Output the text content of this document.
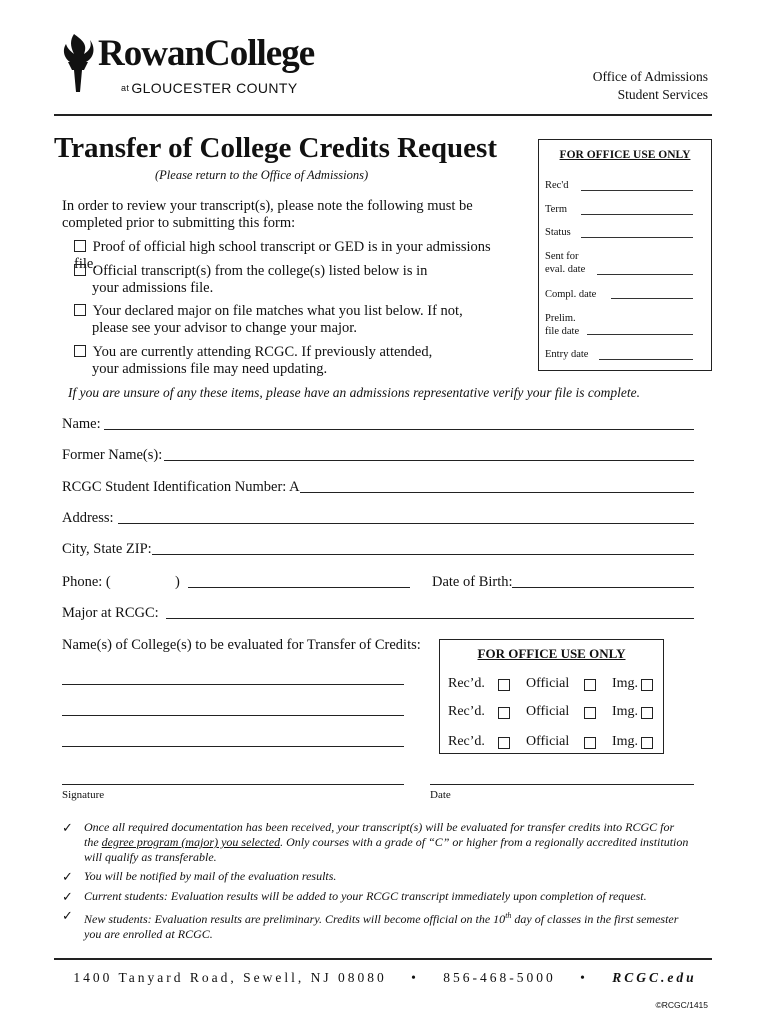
RowanCollege
at GLOUCESTER COUNTY
Office of Admissions
Student Services
Transfer of College Credits Request
(Please return to the Office of Admissions)
In order to review your transcript(s), please note the following must be completed prior to submitting this form:
Proof of official high school transcript or GED is in your admissions file.
Official transcript(s) from the college(s) listed below is in your admissions file.
Your declared major on file matches what you list below. If not, please see your advisor to change your major.
You are currently attending RCGC. If previously attended, your admissions file may need updating.
FOR OFFICE USE ONLY
Rec'd
Term
Status
Sent for
eval. date
Compl. date
Prelim.
file date
Entry date
If you are unsure of any these items, please have an admissions representative verify your file is complete.
Name:
Former Name(s):
RCGC Student Identification Number: A
Address:
City, State ZIP:
Phone: (	)	Date of Birth:
Major at RCGC:
Name(s) of College(s) to be evaluated for Transfer of Credits:
FOR OFFICE USE ONLY
Rec’d.	Official	Img.
Rec’d.	Official	Img.
Rec’d.	Official	Img.
Signature	Date
✓ Once all required documentation has been received, your transcript(s) will be evaluated for transfer credits into RCGC for the degree program (major) you selected. Only courses with a grade of “C” or higher from a regionally accredited institution will qualify as transferable.
✓ You will be notified by mail of the evaluation results.
✓ Current students: Evaluation results will be added to your RCGC transcript immediately upon completion of request.
✓ New students: Evaluation results are preliminary. Credits will become official on the 10th day of classes in the first semester you are enrolled at RCGC.
1400 Tanyard Road, Sewell, NJ 08080 • 856-468-5000 • RCGC.edu
©RCGC/1415
